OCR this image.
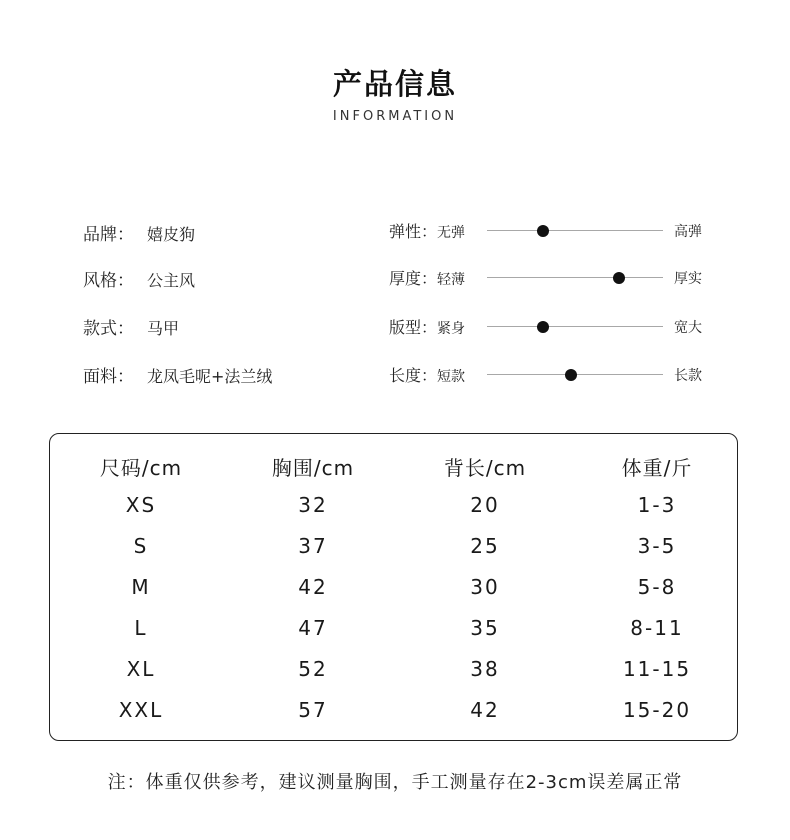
产品信息
INFORMATION
品牌： 嬉皮狗
风格： 公主风
款式： 马甲
面料： 龙凤毛呢+法兰绒
弹性：无弹	高弹
厚度：轻薄	厚实
版型：紧身	宽大
长度：短款	长款
尺码/cm	胸围/cm	背长/cm	体重/斤
XS	32	20	1-3
S	37	25	3-5
M	42	30	5-8
L	47	35	8-11
XL	52	38	11-15
XXL	57	42	15-20
注：体重仅供参考，建议测量胸围，手工测量存在2-3cm误差属正常
